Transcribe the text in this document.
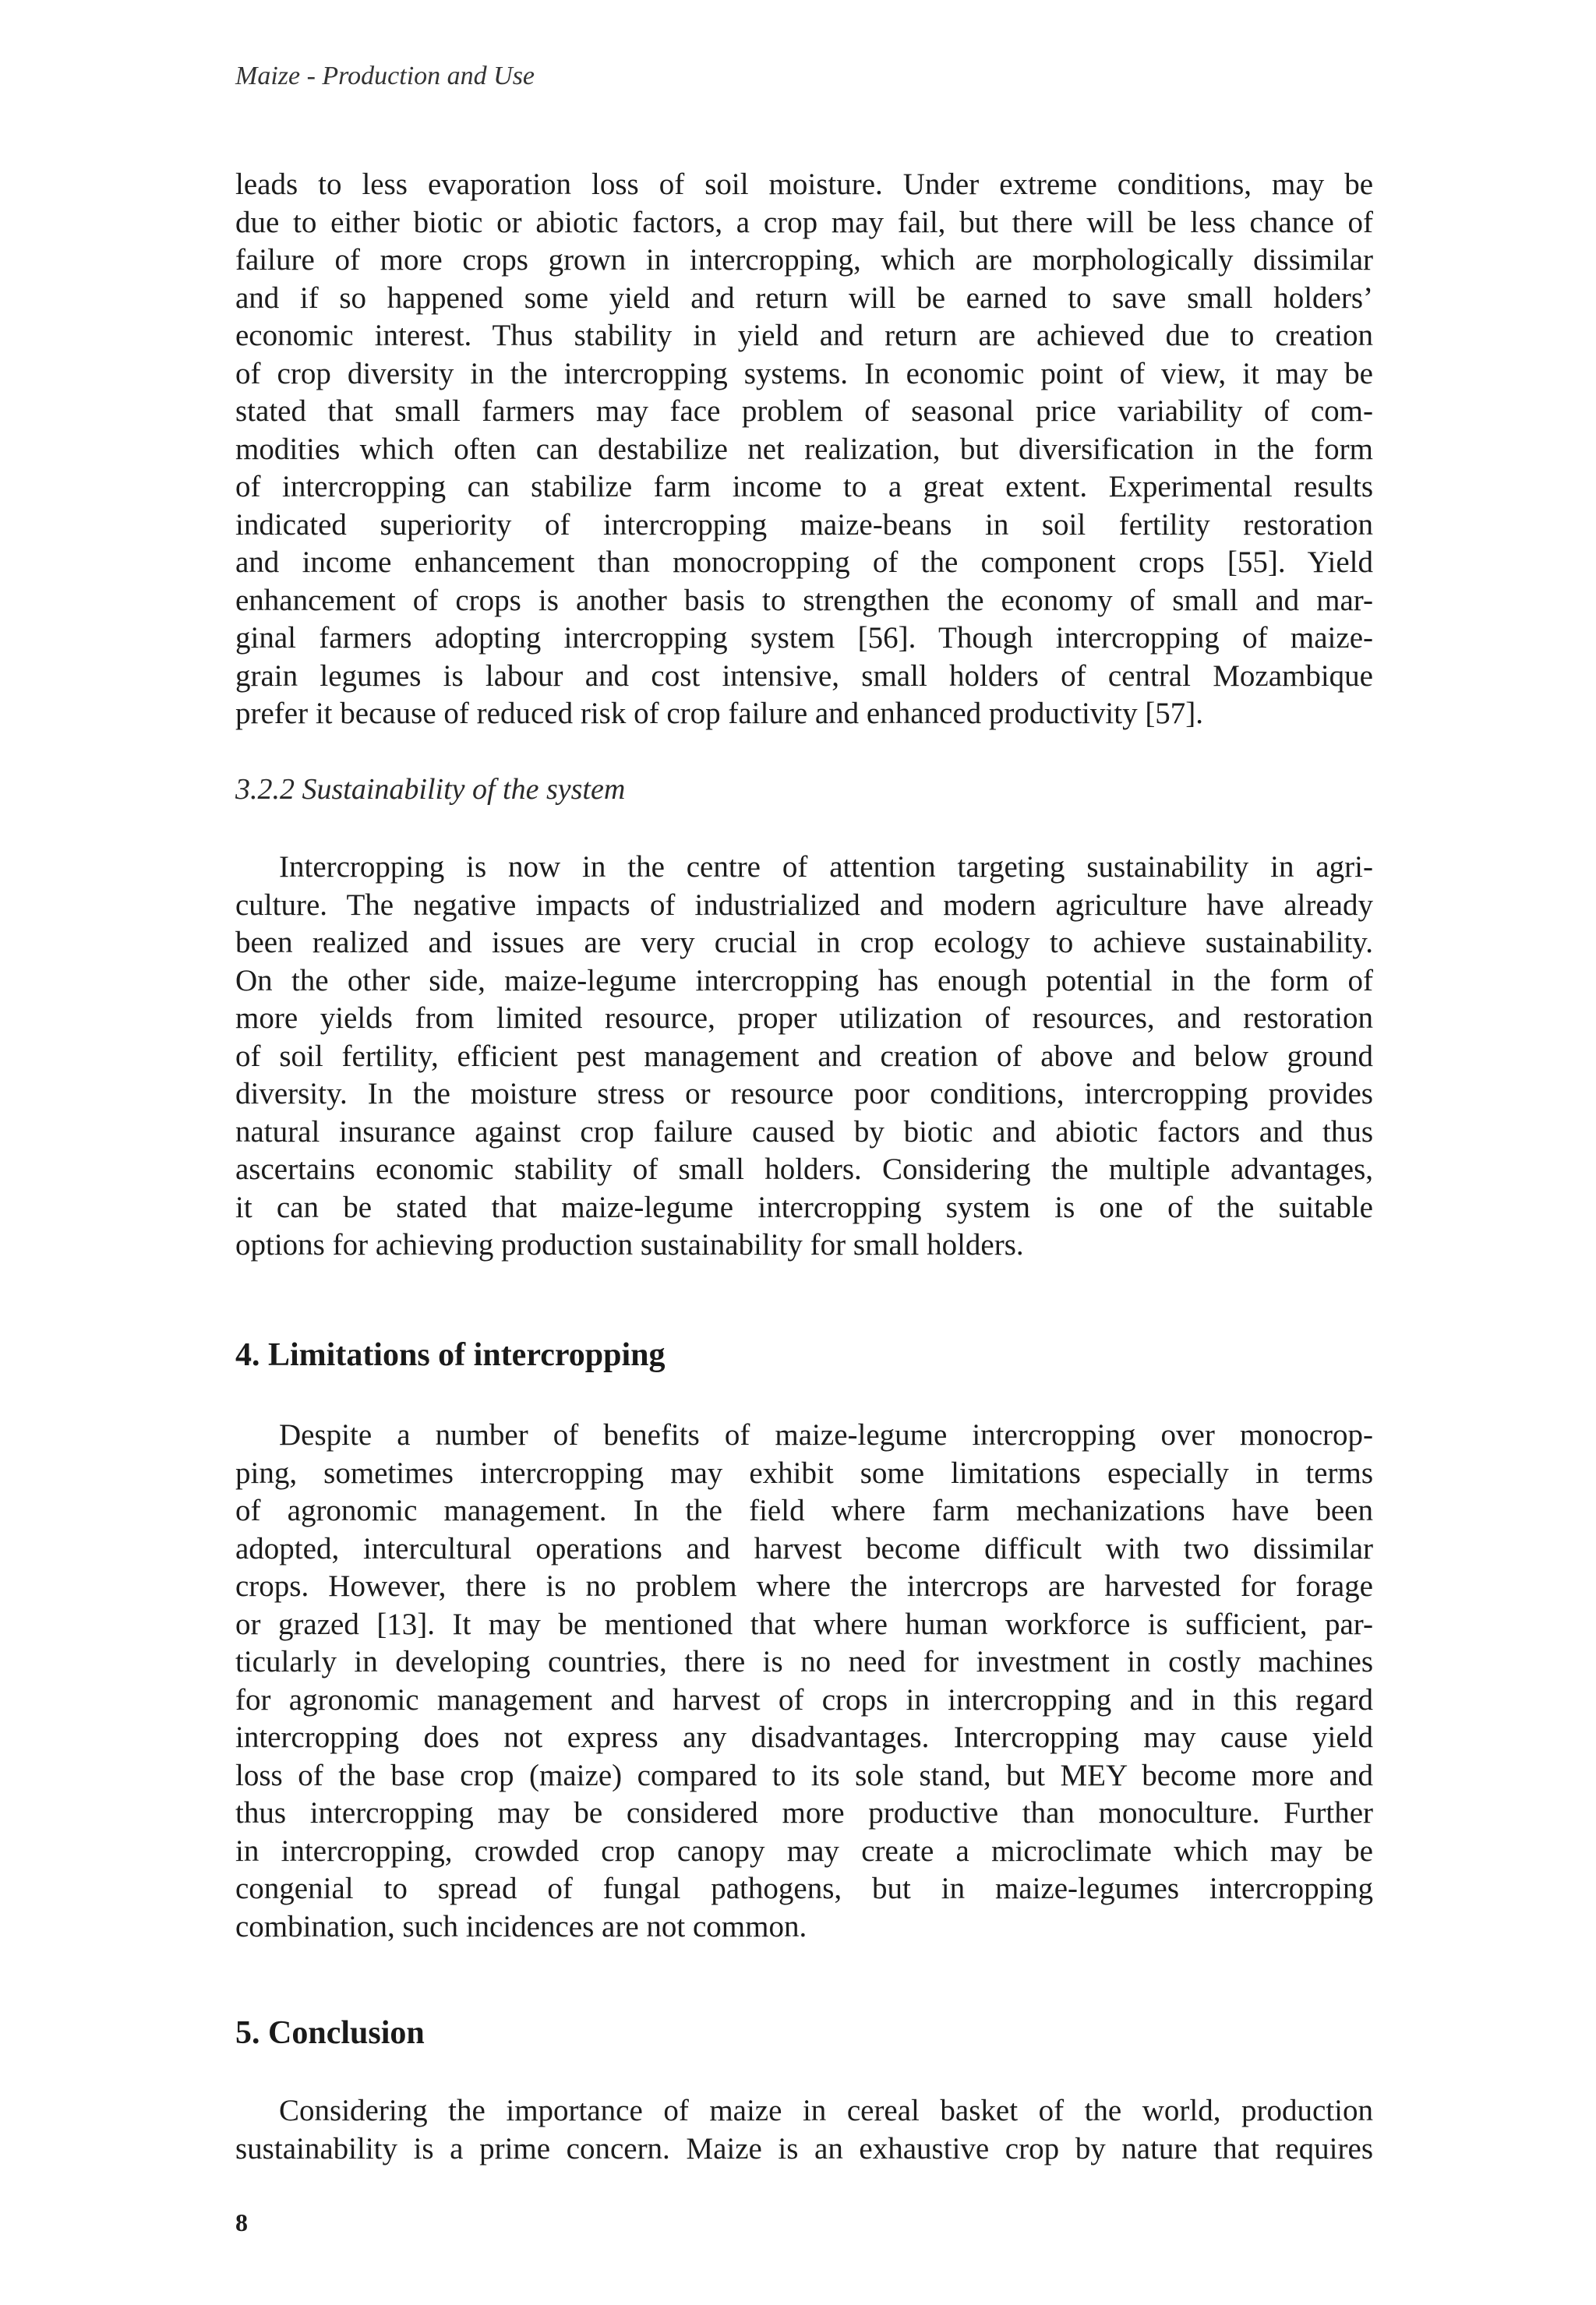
Maize - Production and Use

leads to less evaporation loss of soil moisture. Under extreme conditions, may be
due to either biotic or abiotic factors, a crop may fail, but there will be less chance of
failure of more crops grown in intercropping, which are morphologically dissimilar
and if so happened some yield and return will be earned to save small holders’
economic interest. Thus stability in yield and return are achieved due to creation
of crop diversity in the intercropping systems. In economic point of view, it may be
stated that small farmers may face problem of seasonal price variability of com-
modities which often can destabilize net realization, but diversification in the form
of intercropping can stabilize farm income to a great extent. Experimental results
indicated superiority of intercropping maize-beans in soil fertility restoration
and income enhancement than monocropping of the component crops [55]. Yield
enhancement of crops is another basis to strengthen the economy of small and mar-
ginal farmers adopting intercropping system [56]. Though intercropping of maize-
grain legumes is labour and cost intensive, small holders of central Mozambique
prefer it because of reduced risk of crop failure and enhanced productivity [57].

3.2.2 Sustainability of the system

Intercropping is now in the centre of attention targeting sustainability in agri-
culture. The negative impacts of industrialized and modern agriculture have already
been realized and issues are very crucial in crop ecology to achieve sustainability.
On the other side, maize-legume intercropping has enough potential in the form of
more yields from limited resource, proper utilization of resources, and restoration
of soil fertility, efficient pest management and creation of above and below ground
diversity. In the moisture stress or resource poor conditions, intercropping provides
natural insurance against crop failure caused by biotic and abiotic factors and thus
ascertains economic stability of small holders. Considering the multiple advantages,
it can be stated that maize-legume intercropping system is one of the suitable
options for achieving production sustainability for small holders.

4. Limitations of intercropping

Despite a number of benefits of maize-legume intercropping over monocrop-
ping, sometimes intercropping may exhibit some limitations especially in terms
of agronomic management. In the field where farm mechanizations have been
adopted, intercultural operations and harvest become difficult with two dissimilar
crops. However, there is no problem where the intercrops are harvested for forage
or grazed [13]. It may be mentioned that where human workforce is sufficient, par-
ticularly in developing countries, there is no need for investment in costly machines
for agronomic management and harvest of crops in intercropping and in this regard
intercropping does not express any disadvantages. Intercropping may cause yield
loss of the base crop (maize) compared to its sole stand, but MEY become more and
thus intercropping may be considered more productive than monoculture. Further
in intercropping, crowded crop canopy may create a microclimate which may be
congenial to spread of fungal pathogens, but in maize-legumes intercropping
combination, such incidences are not common.

5. Conclusion

Considering the importance of maize in cereal basket of the world, production
sustainability is a prime concern. Maize is an exhaustive crop by nature that requires

8
